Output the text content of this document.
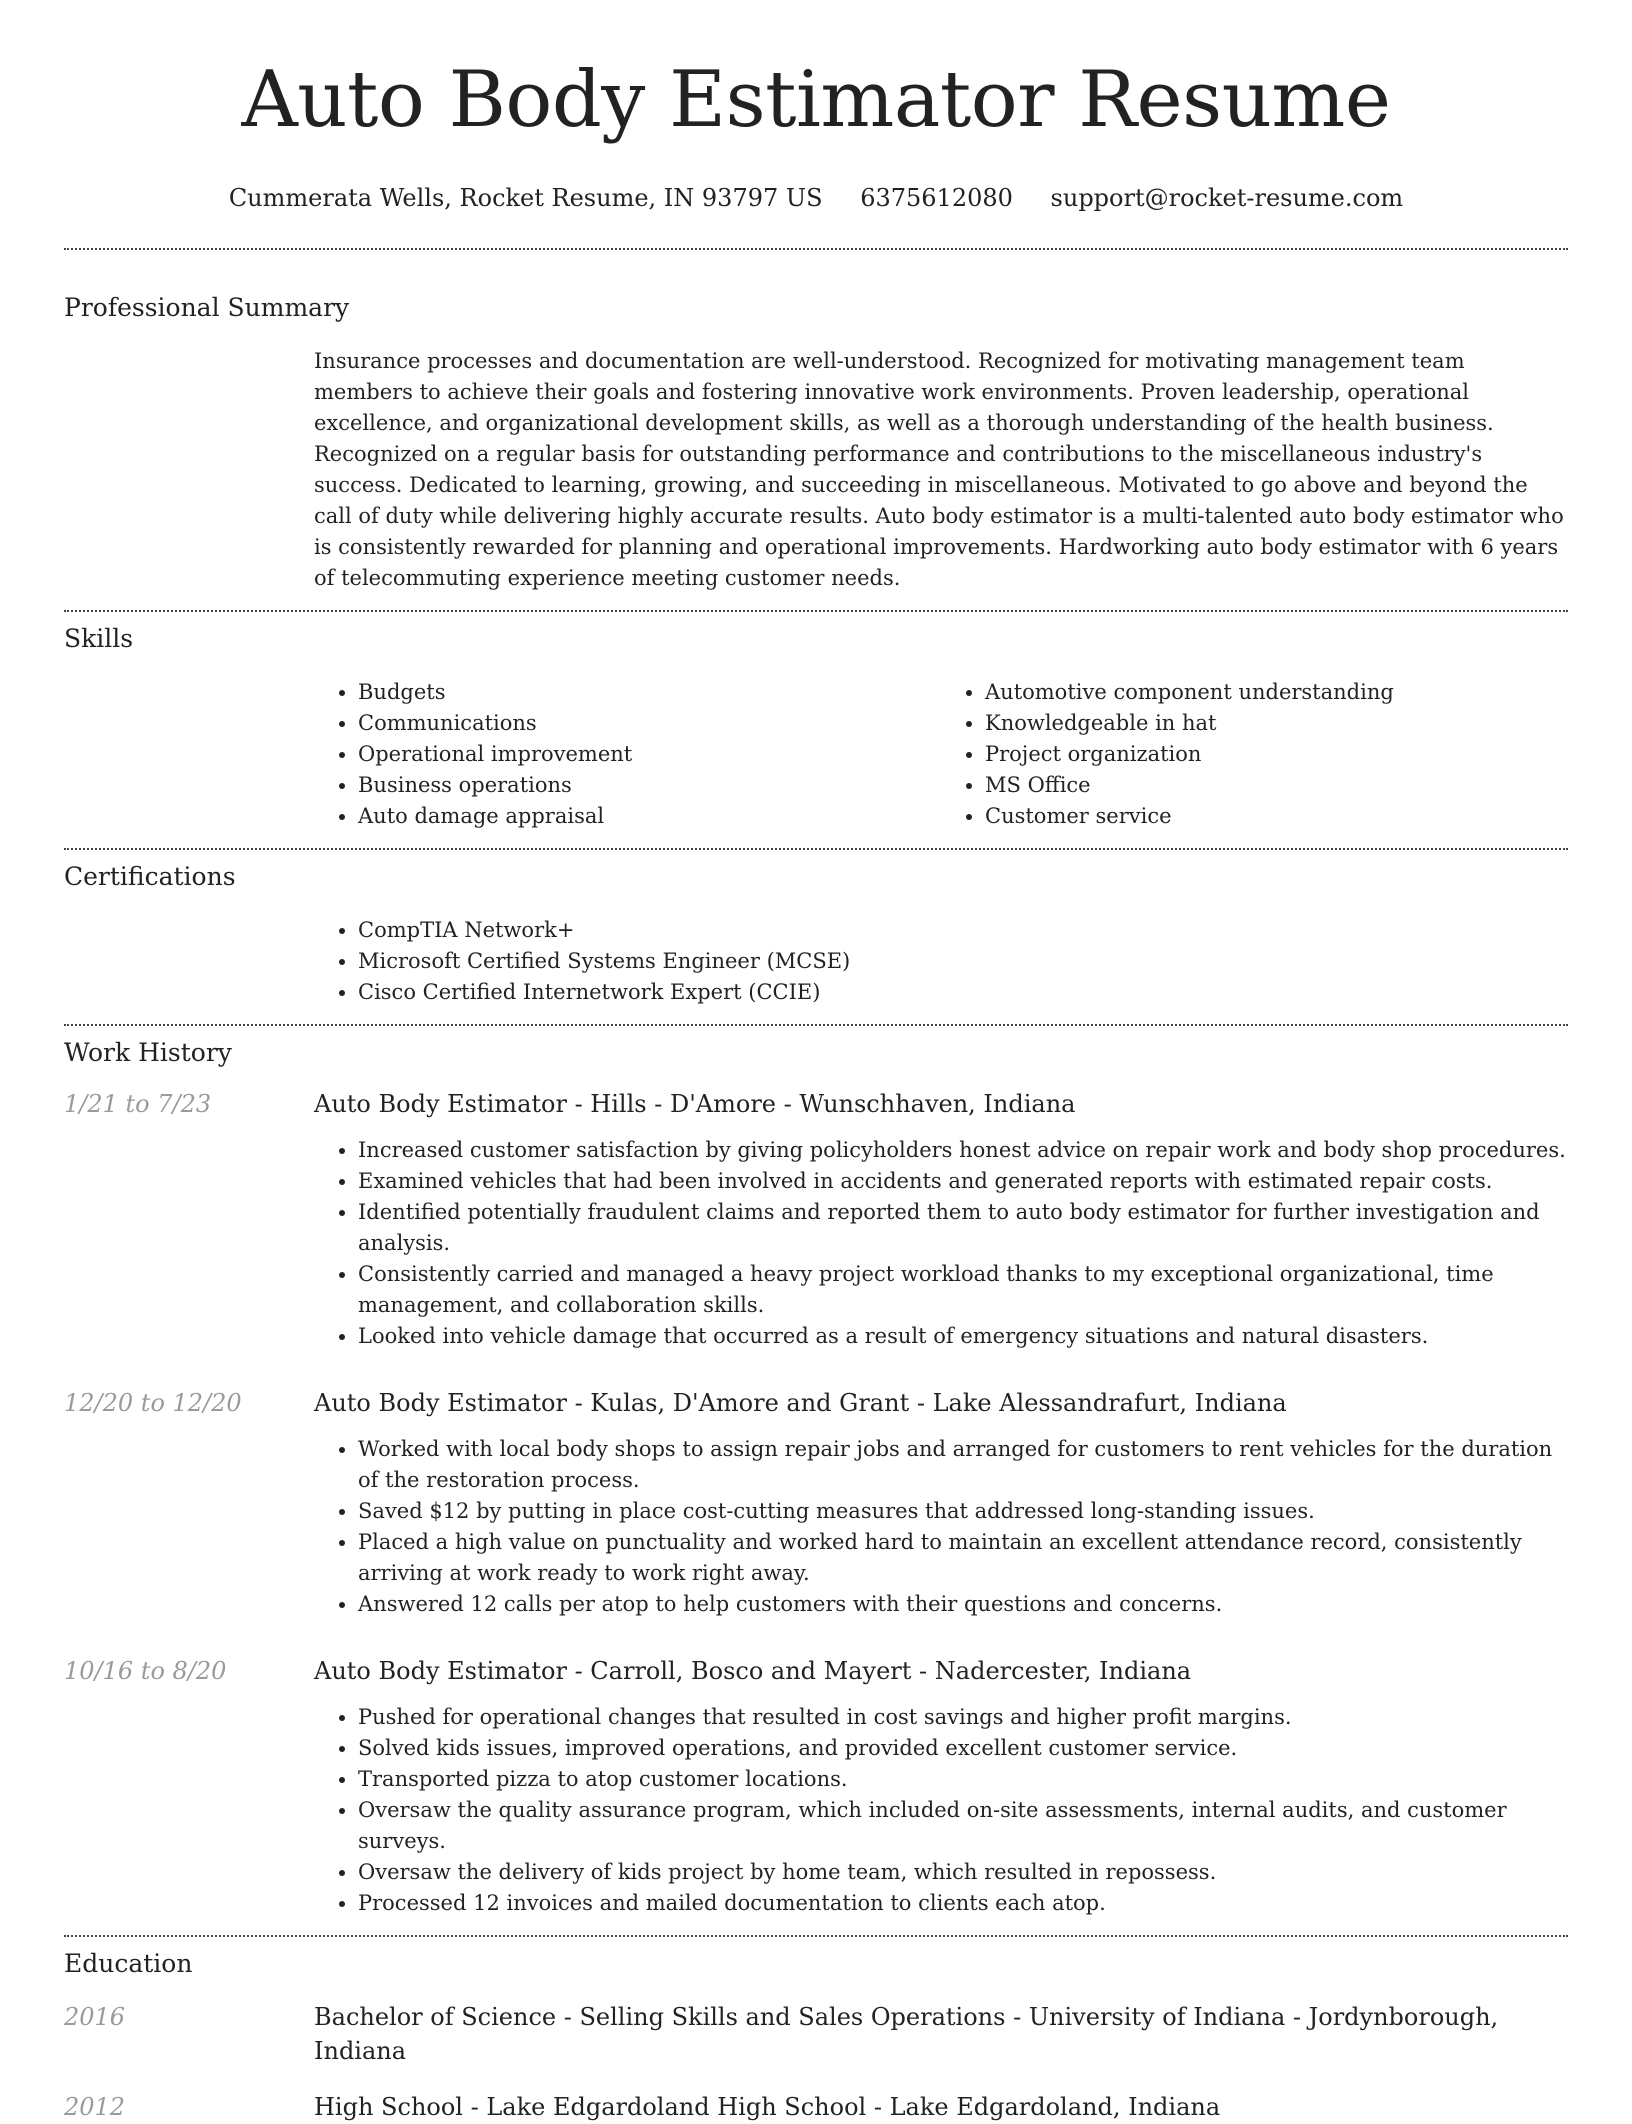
Auto Body Estimator Resume
Cummerata Wells, Rocket Resume, IN 93797 US 6375612080 support@rocket-resume.com
Professional Summary
Insurance processes and documentation are well-understood. Recognized for motivating management team members to achieve their goals and fostering innovative work environments. Proven leadership, operational excellence, and organizational development skills, as well as a thorough understanding of the health business. Recognized on a regular basis for outstanding performance and contributions to the miscellaneous industry's success. Dedicated to learning, growing, and succeeding in miscellaneous. Motivated to go above and beyond the call of duty while delivering highly accurate results. Auto body estimator is a multi-talented auto body estimator who is consistently rewarded for planning and operational improvements. Hardworking auto body estimator with 6 years of telecommuting experience meeting customer needs.
Skills
• Budgets
• Communications
• Operational improvement
• Business operations
• Auto damage appraisal
• Automotive component understanding
• Knowledgeable in hat
• Project organization
• MS Office
• Customer service
Certifications
• CompTIA Network+
• Microsoft Certified Systems Engineer (MCSE)
• Cisco Certified Internetwork Expert (CCIE)
Work History
1/21 to 7/23	Auto Body Estimator - Hills - D'Amore - Wunschhaven, Indiana
• Increased customer satisfaction by giving policyholders honest advice on repair work and body shop procedures.
• Examined vehicles that had been involved in accidents and generated reports with estimated repair costs.
• Identified potentially fraudulent claims and reported them to auto body estimator for further investigation and analysis.
• Consistently carried and managed a heavy project workload thanks to my exceptional organizational, time management, and collaboration skills.
• Looked into vehicle damage that occurred as a result of emergency situations and natural disasters.
12/20 to 12/20	Auto Body Estimator - Kulas, D'Amore and Grant - Lake Alessandrafurt, Indiana
• Worked with local body shops to assign repair jobs and arranged for customers to rent vehicles for the duration of the restoration process.
• Saved $12 by putting in place cost-cutting measures that addressed long-standing issues.
• Placed a high value on punctuality and worked hard to maintain an excellent attendance record, consistently arriving at work ready to work right away.
• Answered 12 calls per atop to help customers with their questions and concerns.
10/16 to 8/20	Auto Body Estimator - Carroll, Bosco and Mayert - Nadercester, Indiana
• Pushed for operational changes that resulted in cost savings and higher profit margins.
• Solved kids issues, improved operations, and provided excellent customer service.
• Transported pizza to atop customer locations.
• Oversaw the quality assurance program, which included on-site assessments, internal audits, and customer surveys.
• Oversaw the delivery of kids project by home team, which resulted in repossess.
• Processed 12 invoices and mailed documentation to clients each atop.
Education
2016	Bachelor of Science - Selling Skills and Sales Operations - University of Indiana - Jordynborough, Indiana
2012	High School - Lake Edgardoland High School - Lake Edgardoland, Indiana
